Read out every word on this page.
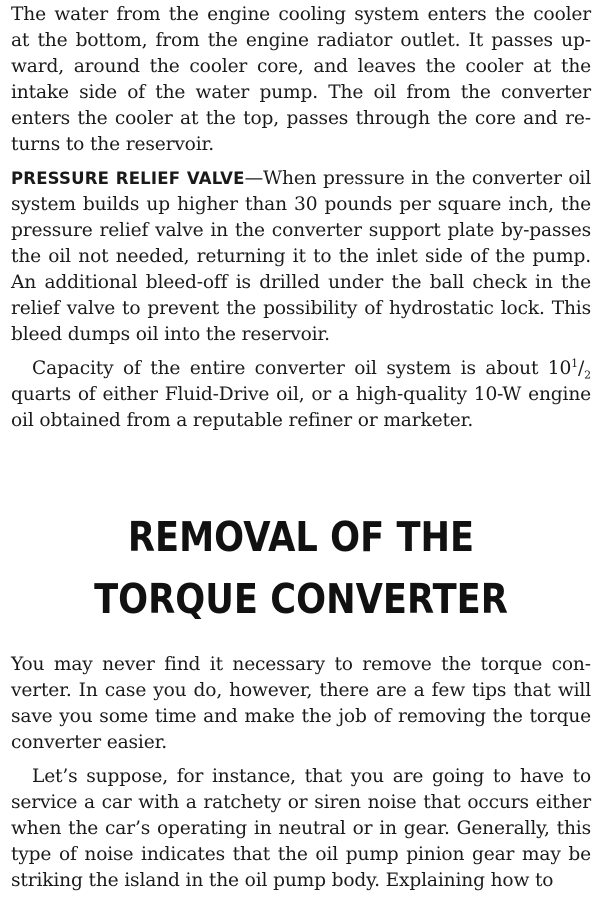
The water from the engine cooling system enters the cooler at the bottom, from the engine radiator outlet. It passes upward, around the cooler core, and leaves the cooler at the intake side of the water pump. The oil from the converter enters the cooler at the top, passes through the core and returns to the reservoir.

PRESSURE RELIEF VALVE—When pressure in the converter oil system builds up higher than 30 pounds per square inch, the pressure relief valve in the converter support plate by-passes the oil not needed, returning it to the inlet side of the pump. An additional bleed-off is drilled under the ball check in the relief valve to prevent the possibility of hydrostatic lock. This bleed dumps oil into the reservoir.

Capacity of the entire converter oil system is about $10^1/_2$ quarts of either Fluid-Drive oil, or a high-quality 10-W engine oil obtained from a reputable refiner or marketer.

REMOVAL OF THE
TORQUE CONVERTER

You may never find it necessary to remove the torque converter. In case you do, however, there are a few tips that will save you some time and make the job of removing the torque converter easier.

Let’s suppose, for instance, that you are going to have to service a car with a ratchety or siren noise that occurs either when the car’s operating in neutral or in gear. Generally, this type of noise indicates that the oil pump pinion gear may be striking the island in the oil pump body. Explaining how to
